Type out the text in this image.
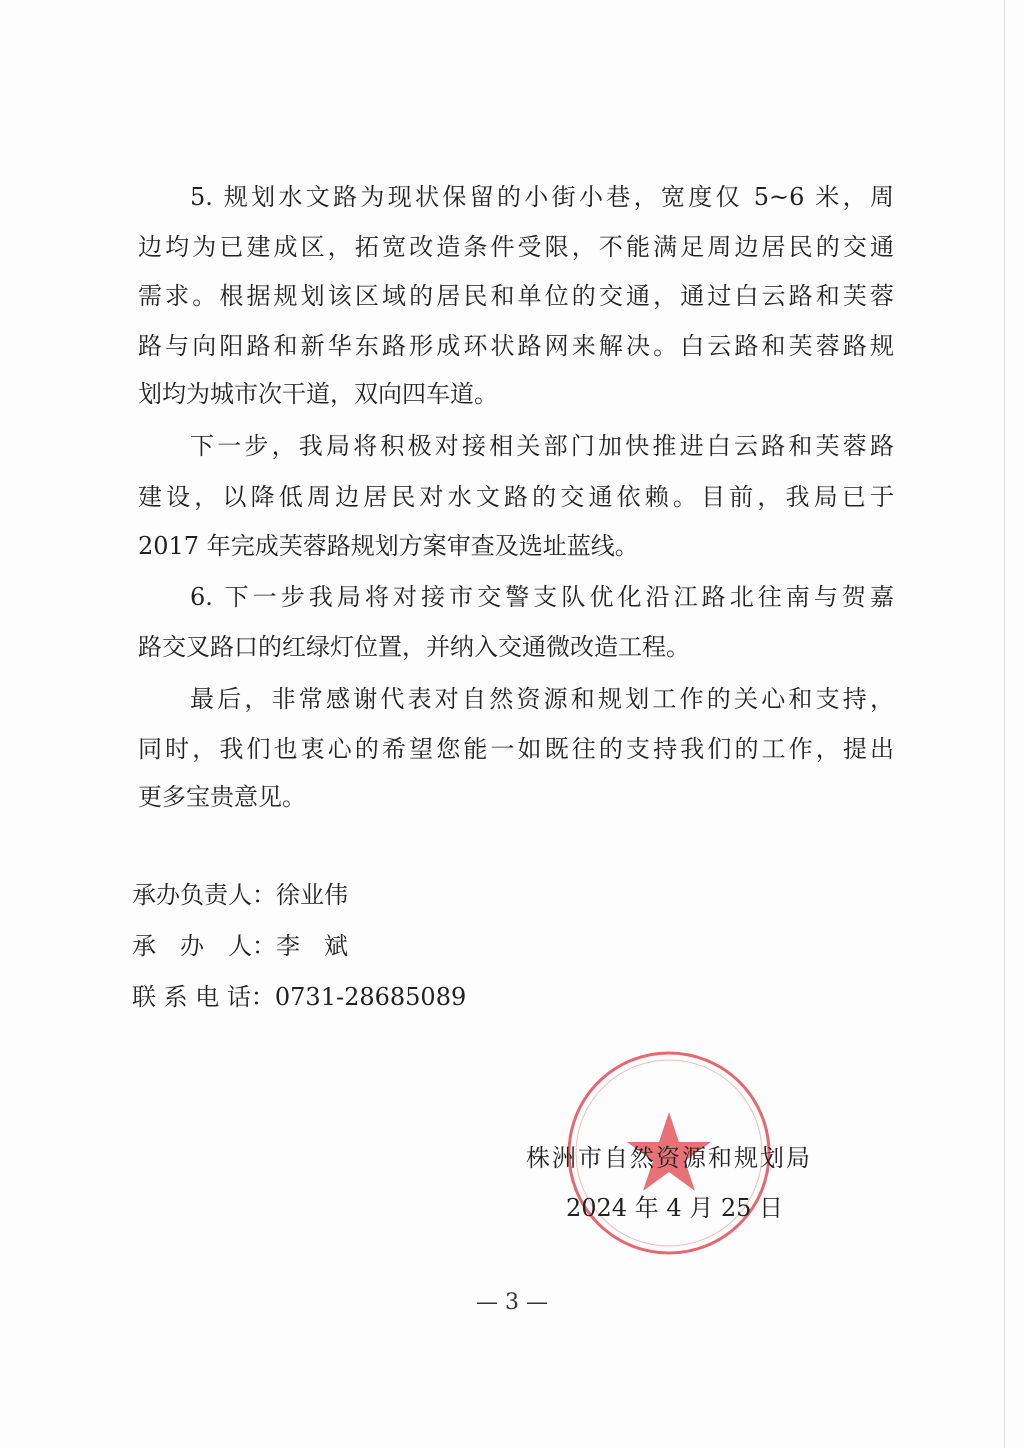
5. 规划水文路为现状保留的小街小巷，宽度仅 5~6 米，周
边均为已建成区，拓宽改造条件受限，不能满足周边居民的交通
需求。根据规划该区域的居民和单位的交通，通过白云路和芙蓉
路与向阳路和新华东路形成环状路网来解决。白云路和芙蓉路规
划均为城市次干道，双向四车道。
下一步，我局将积极对接相关部门加快推进白云路和芙蓉路
建设，以降低周边居民对水文路的交通依赖。目前，我局已于
2017 年完成芙蓉路规划方案审查及选址蓝线。
6. 下一步我局将对接市交警支队优化沿江路北往南与贺嘉
路交叉路口的红绿灯位置，并纳入交通微改造工程。
最后，非常感谢代表对自然资源和规划工作的关心和支持，
同时，我们也衷心的希望您能一如既往的支持我们的工作，提出
更多宝贵意见。
承办负责人：徐业伟
承　办　人：李　斌
联 系 电 话：0731-28685089
株洲市自然资源和规划局
2024 年 4 月 25 日
— 3 —
